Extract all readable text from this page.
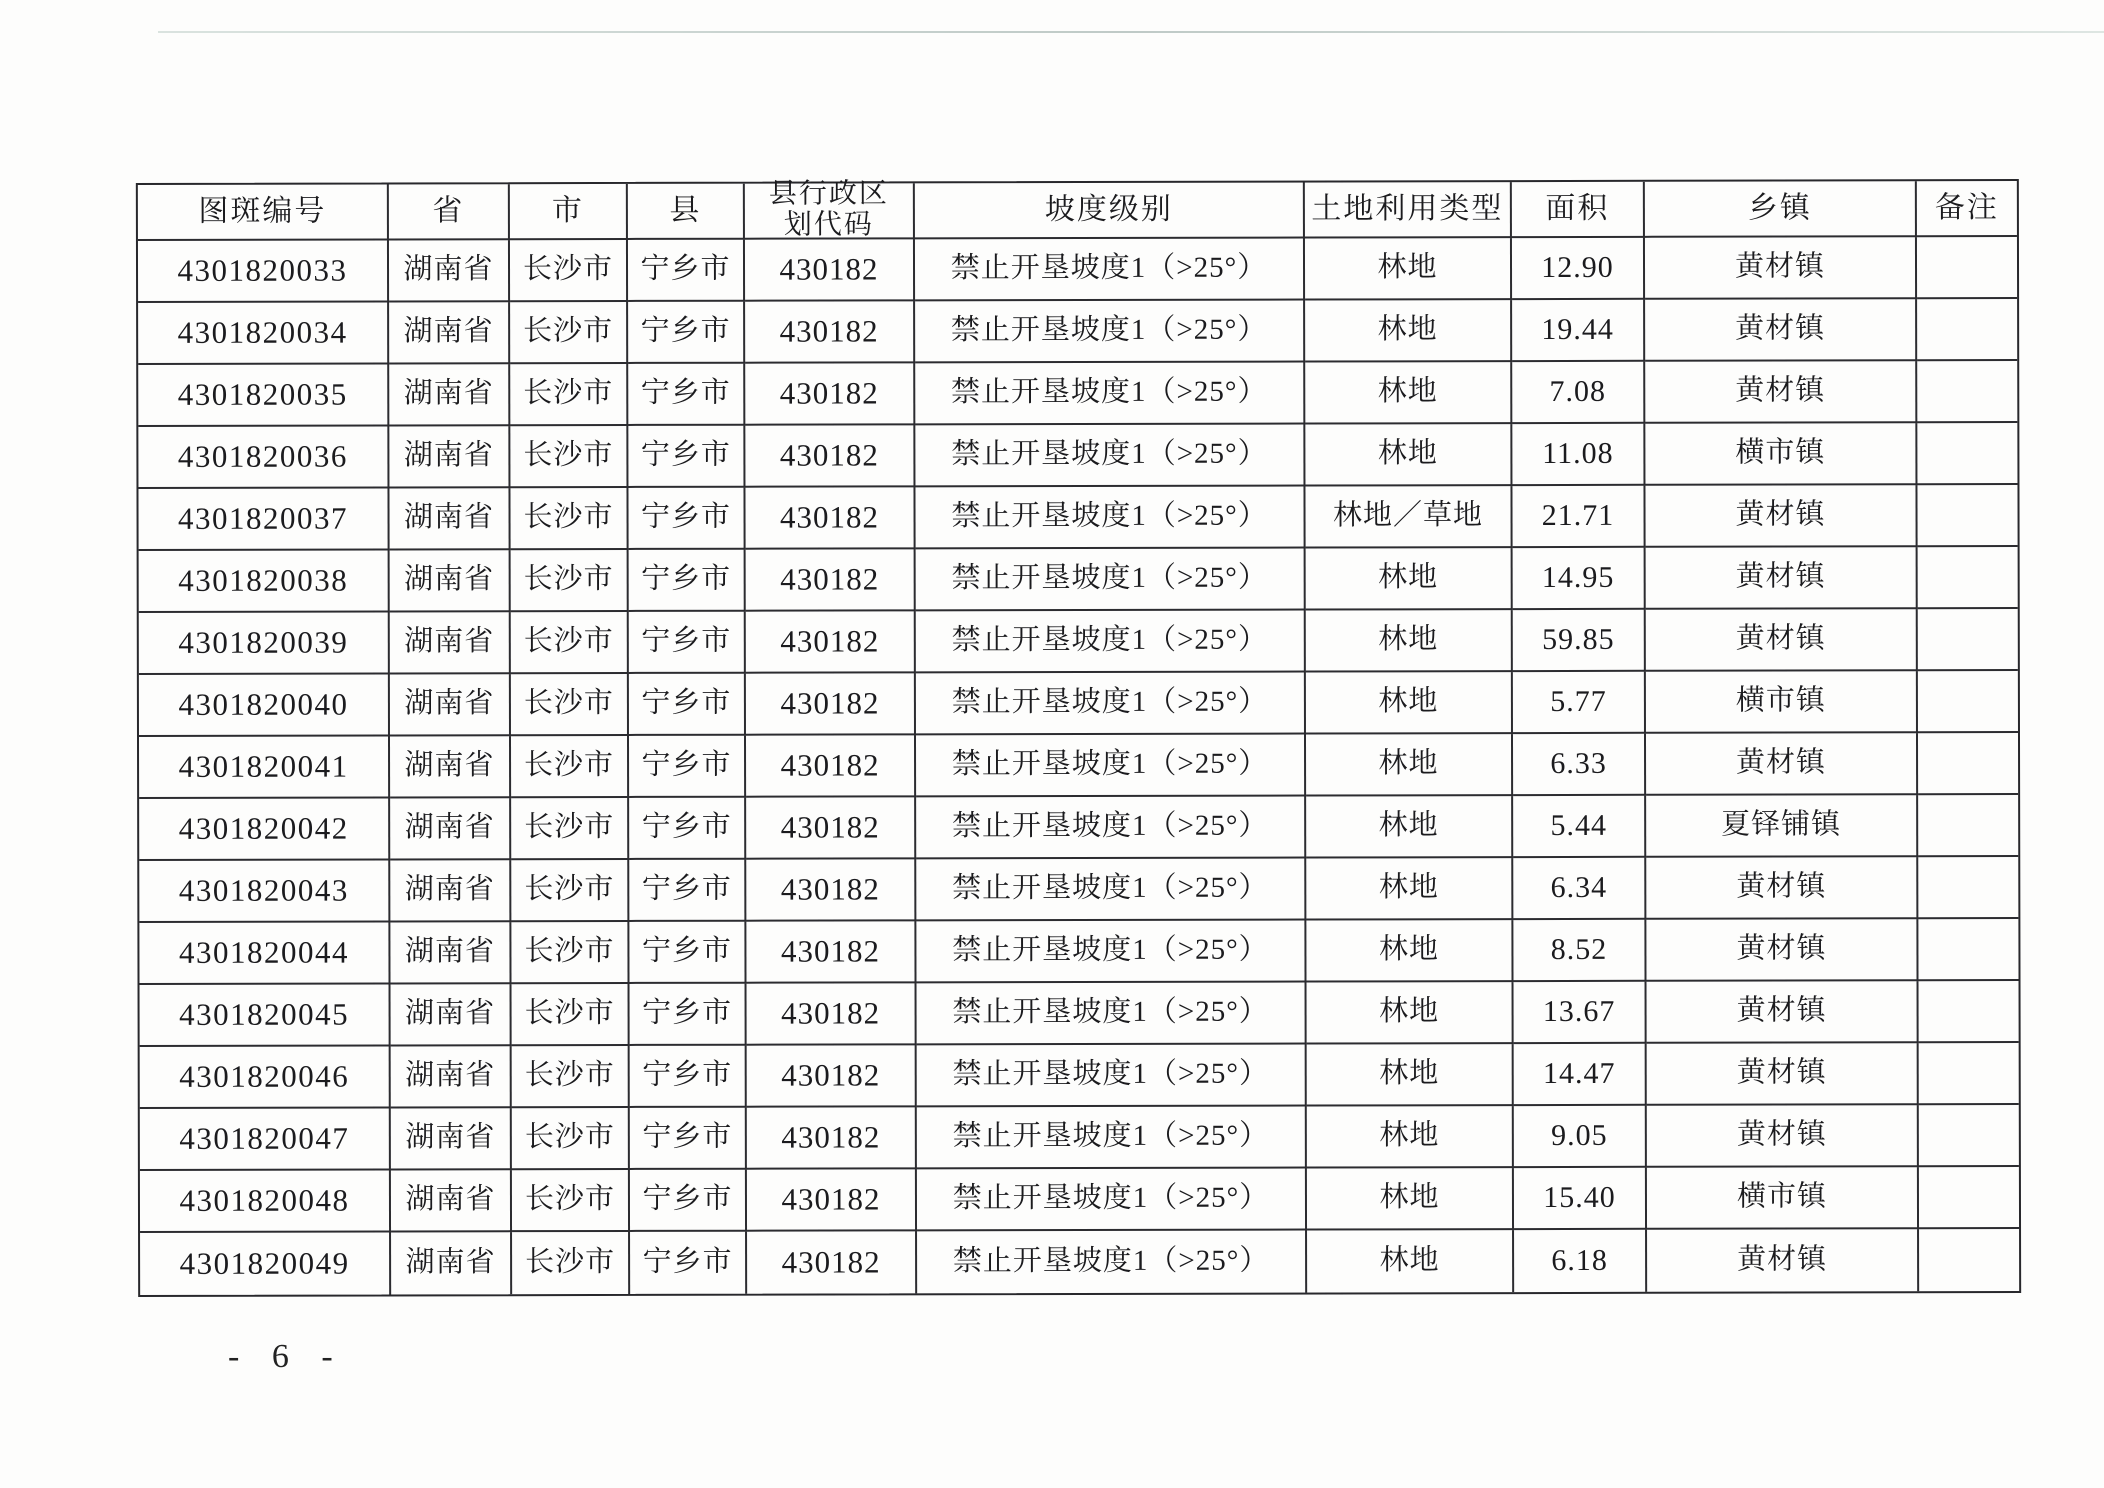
图斑编号	省	市	县	县行政区
划代码	坡度级别	土地利用类型	面积	乡镇	备注
4301820033	湖南省	长沙市 宁乡市	430182	禁止开垦坡度1（>25°）	林地	12.90	黄材镇
4301820034	湖南省	长沙市 宁乡市	430182	禁止开垦坡度1（>25°）	林地	19.44	黄材镇
4301820035	湖南省	长沙市 宁乡市	430182	禁止开垦坡度1（>25°）	林地	7.08	黄材镇
4301820036	湖南省	长沙市 宁乡市	430182	禁止开垦坡度1（>25°）	林地	11.08	横市镇
4301820037	湖南省	长沙市 宁乡市	430182	禁止开垦坡度1（>25°）	林地／草地	21.71	黄材镇
4301820038	湖南省	长沙市 宁乡市	430182	禁止开垦坡度1（>25°）	林地	14.95	黄材镇
4301820039	湖南省	长沙市 宁乡市	430182	禁止开垦坡度1（>25°）	林地	59.85	黄材镇
4301820040	湖南省	长沙市 宁乡市	430182	禁止开垦坡度1（>25°）	林地	5.77	横市镇
4301820041	湖南省	长沙市 宁乡市	430182	禁止开垦坡度1（>25°）	林地	6.33	黄材镇
4301820042	湖南省	长沙市 宁乡市	430182	禁止开垦坡度1（>25°）	林地	5.44	夏铎铺镇
4301820043	湖南省	长沙市 宁乡市	430182	禁止开垦坡度1（>25°）	林地	6.34	黄材镇
4301820044	湖南省	长沙市 宁乡市	430182	禁止开垦坡度1（>25°）	林地	8.52	黄材镇
4301820045	湖南省	长沙市 宁乡市	430182	禁止开垦坡度1（>25°）	林地	13.67	黄材镇
4301820046	湖南省	长沙市 宁乡市	430182	禁止开垦坡度1（>25°）	林地	14.47	黄材镇
4301820047	湖南省	长沙市 宁乡市	430182	禁止开垦坡度1（>25°）	林地	9.05	黄材镇
4301820048	湖南省	长沙市 宁乡市	430182	禁止开垦坡度1（>25°）	林地	15.40	横市镇
4301820049	湖南省	长沙市 宁乡市	430182	禁止开垦坡度1（>25°）	林地	6.18	黄材镇
- 6 -
